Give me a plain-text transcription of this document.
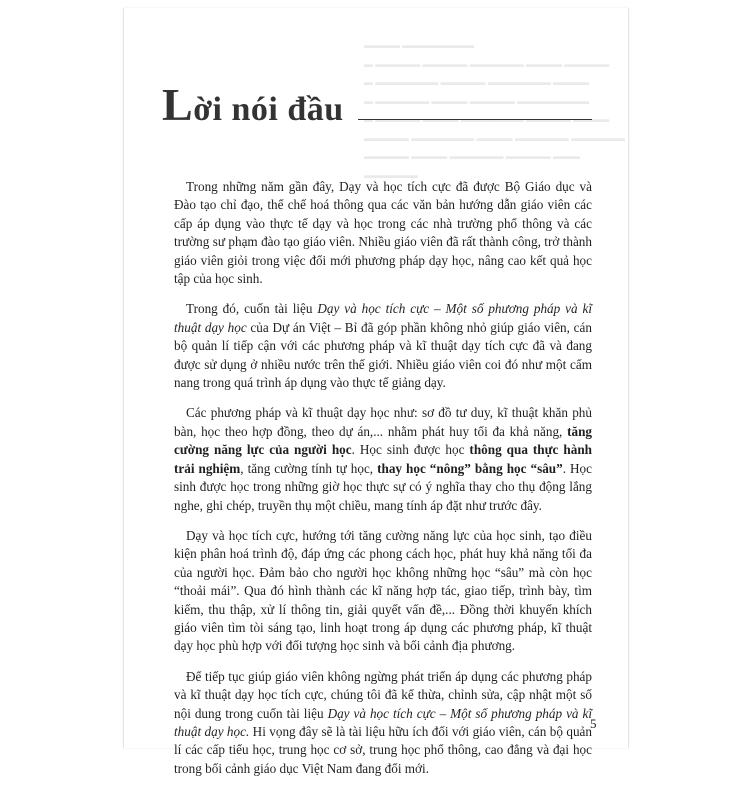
▬▬▬▬ ▬▬▬▬▬▬▬▬
▬ ▬▬▬▬▬ ▬▬▬▬▬ ▬▬▬▬▬▬ ▬▬▬▬ ▬▬▬▬▬
▬ ▬▬▬▬▬▬▬ ▬▬▬▬▬ ▬▬▬▬▬▬▬ ▬▬▬▬
▬ ▬▬▬▬▬▬ ▬▬▬▬ ▬▬▬▬▬ ▬▬▬▬▬▬▬▬
▬ ▬▬▬▬▬ ▬▬▬▬ ▬▬▬▬▬▬▬ ▬▬▬▬▬ ▬▬▬▬
▬▬▬▬▬ ▬▬▬▬▬▬▬ ▬▬▬▬ ▬▬▬▬▬▬ ▬▬▬▬▬▬
▬▬▬▬▬ ▬▬▬▬ ▬▬▬▬▬▬ ▬▬▬▬▬ ▬▬▬
▬▬▬▬▬▬
Lời nói đầu

Trong những năm gần đây, Dạy và học tích cực đã được Bộ Giáo dục và Đào tạo chỉ đạo, thể chế hoá thông qua các văn bản hướng dẫn giáo viên các cấp áp dụng vào thực tế dạy và học trong các nhà trường phổ thông và các trường sư phạm đào tạo giáo viên. Nhiều giáo viên đã rất thành công, trở thành giáo viên giỏi trong việc đổi mới phương pháp dạy học, nâng cao kết quả học tập của học sinh.

Trong đó, cuốn tài liệu Dạy và học tích cực – Một số phương pháp và kĩ thuật dạy học của Dự án Việt – Bỉ đã góp phần không nhỏ giúp giáo viên, cán bộ quản lí tiếp cận với các phương pháp và kĩ thuật dạy tích cực đã và đang được sử dụng ở nhiều nước trên thế giới. Nhiều giáo viên coi đó như một cẩm nang trong quá trình áp dụng vào thực tế giảng dạy.

Các phương pháp và kĩ thuật dạy học như: sơ đồ tư duy, kĩ thuật khăn phủ bàn, học theo hợp đồng, theo dự án,... nhằm phát huy tối đa khả năng, tăng cường năng lực của người học. Học sinh được học thông qua thực hành trải nghiệm, tăng cường tính tự học, thay học “nông” bằng học “sâu”. Học sinh được học trong những giờ học thực sự có ý nghĩa thay cho thụ động lắng nghe, ghi chép, truyền thụ một chiều, mang tính áp đặt như trước đây.

Dạy và học tích cực, hướng tới tăng cường năng lực của học sinh, tạo điều kiện phân hoá trình độ, đáp ứng các phong cách học, phát huy khả năng tối đa của người học. Đảm bảo cho người học không những học “sâu” mà còn học “thoải mái”. Qua đó hình thành các kĩ năng hợp tác, giao tiếp, trình bày, tìm kiếm, thu thập, xử lí thông tin, giải quyết vấn đề,... Đồng thời khuyến khích giáo viên tìm tòi sáng tạo, linh hoạt trong áp dụng các phương pháp, kĩ thuật dạy học phù hợp với đối tượng học sinh và bối cảnh địa phương.

Để tiếp tục giúp giáo viên không ngừng phát triển áp dụng các phương pháp và kĩ thuật dạy học tích cực, chúng tôi đã kế thừa, chỉnh sửa, cập nhật một số nội dung trong cuốn tài liệu Dạy và học tích cực – Một số phương pháp và kĩ thuật dạy học. Hi vọng đây sẽ là tài liệu hữu ích đối với giáo viên, cán bộ quản lí các cấp tiểu học, trung học cơ sở, trung học phổ thông, cao đẳng và đại học trong bối cảnh giáo dục Việt Nam đang đổi mới.

5
